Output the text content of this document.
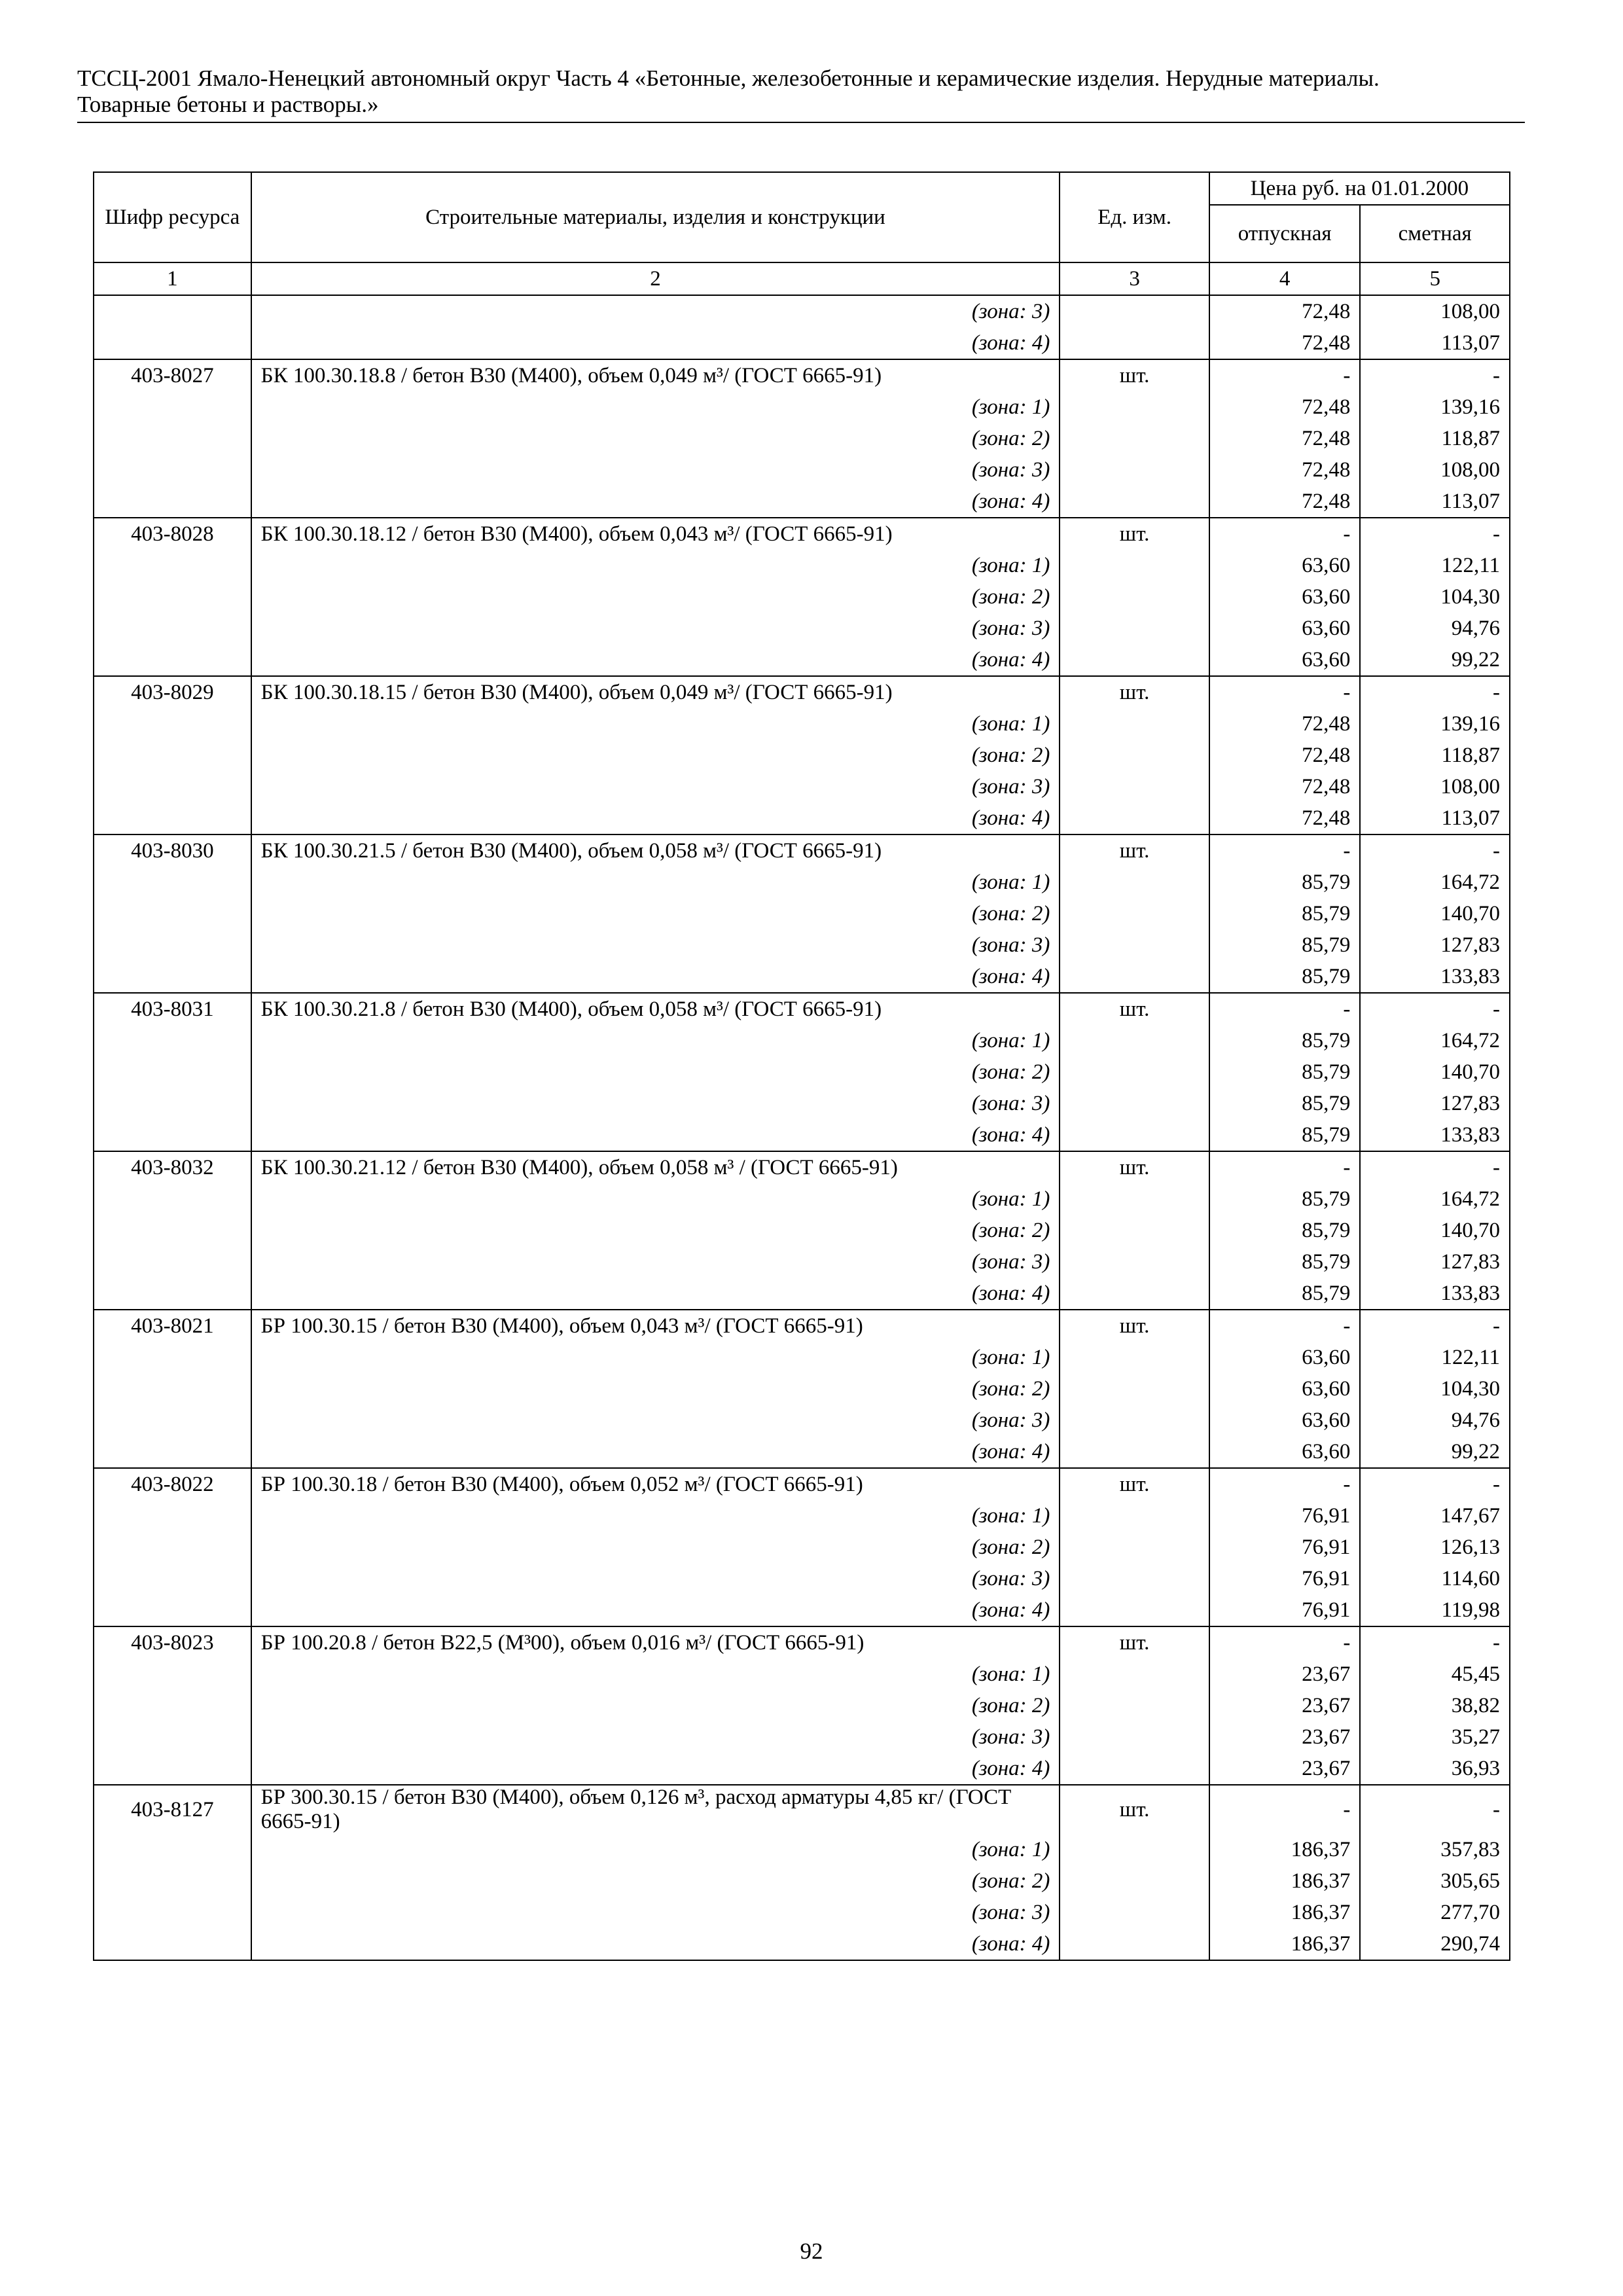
ТССЦ-2001 Ямало-Ненецкий автономный округ Часть 4 «Бетонные, железобетонные и керамические изделия. Нерудные материалы.
Товарные бетоны и растворы.»
Шифр ресурса	Строительные материалы, изделия и конструкции	Ед. изм.	Цена руб. на 01.01.2000	
			отпускная	сметная
1	2	3	4	5
	(зона: 3)		72,48	108,00
	(зона: 4)		72,48	113,07
403-8027	БК 100.30.18.8 / бетон В30 (М400), объем 0,049 м³/ (ГОСТ 6665-91)	шт.	-	-
	(зона: 1)		72,48	139,16
	(зона: 2)		72,48	118,87
	(зона: 3)		72,48	108,00
	(зона: 4)		72,48	113,07
403-8028	БК 100.30.18.12 / бетон В30 (М400), объем 0,043 м³/ (ГОСТ 6665-91)	шт.	-	-
	(зона: 1)		63,60	122,11
	(зона: 2)		63,60	104,30
	(зона: 3)		63,60	94,76
	(зона: 4)		63,60	99,22
403-8029	БК 100.30.18.15 / бетон В30 (М400), объем 0,049 м³/ (ГОСТ 6665-91)	шт.	-	-
	(зона: 1)		72,48	139,16
	(зона: 2)		72,48	118,87
	(зона: 3)		72,48	108,00
	(зона: 4)		72,48	113,07
403-8030	БК 100.30.21.5 / бетон В30 (М400), объем 0,058 м³/ (ГОСТ 6665-91)	шт.	-	-
	(зона: 1)		85,79	164,72
	(зона: 2)		85,79	140,70
	(зона: 3)		85,79	127,83
	(зона: 4)		85,79	133,83
403-8031	БК 100.30.21.8 / бетон В30 (М400), объем 0,058 м³/ (ГОСТ 6665-91)	шт.	-	-
	(зона: 1)		85,79	164,72
	(зона: 2)		85,79	140,70
	(зона: 3)		85,79	127,83
	(зона: 4)		85,79	133,83
403-8032	БК 100.30.21.12 / бетон В30 (М400), объем 0,058 м³ / (ГОСТ 6665-91)	шт.	-	-
	(зона: 1)		85,79	164,72
	(зона: 2)		85,79	140,70
	(зона: 3)		85,79	127,83
	(зона: 4)		85,79	133,83
403-8021	БР 100.30.15 / бетон В30 (М400), объем 0,043 м³/ (ГОСТ 6665-91)	шт.	-	-
	(зона: 1)		63,60	122,11
	(зона: 2)		63,60	104,30
	(зона: 3)		63,60	94,76
	(зона: 4)		63,60	99,22
403-8022	БР 100.30.18 / бетон В30 (М400), объем 0,052 м³/ (ГОСТ 6665-91)	шт.	-	-
	(зона: 1)		76,91	147,67
	(зона: 2)		76,91	126,13
	(зона: 3)		76,91	114,60
	(зона: 4)		76,91	119,98
403-8023	БР 100.20.8 / бетон В22,5 (М³00), объем 0,016 м³/ (ГОСТ 6665-91)	шт.	-	-
	(зона: 1)		23,67	45,45
	(зона: 2)		23,67	38,82
	(зона: 3)		23,67	35,27
	(зона: 4)		23,67	36,93
403-8127	БР 300.30.15 / бетон В30 (М400), объем 0,126 м³, расход арматуры 4,85 кг/ (ГОСТ 6665-91)	шт.	-	-
	(зона: 1)		186,37	357,83
	(зона: 2)		186,37	305,65
	(зона: 3)		186,37	277,70
	(зона: 4)		186,37	290,74
92
